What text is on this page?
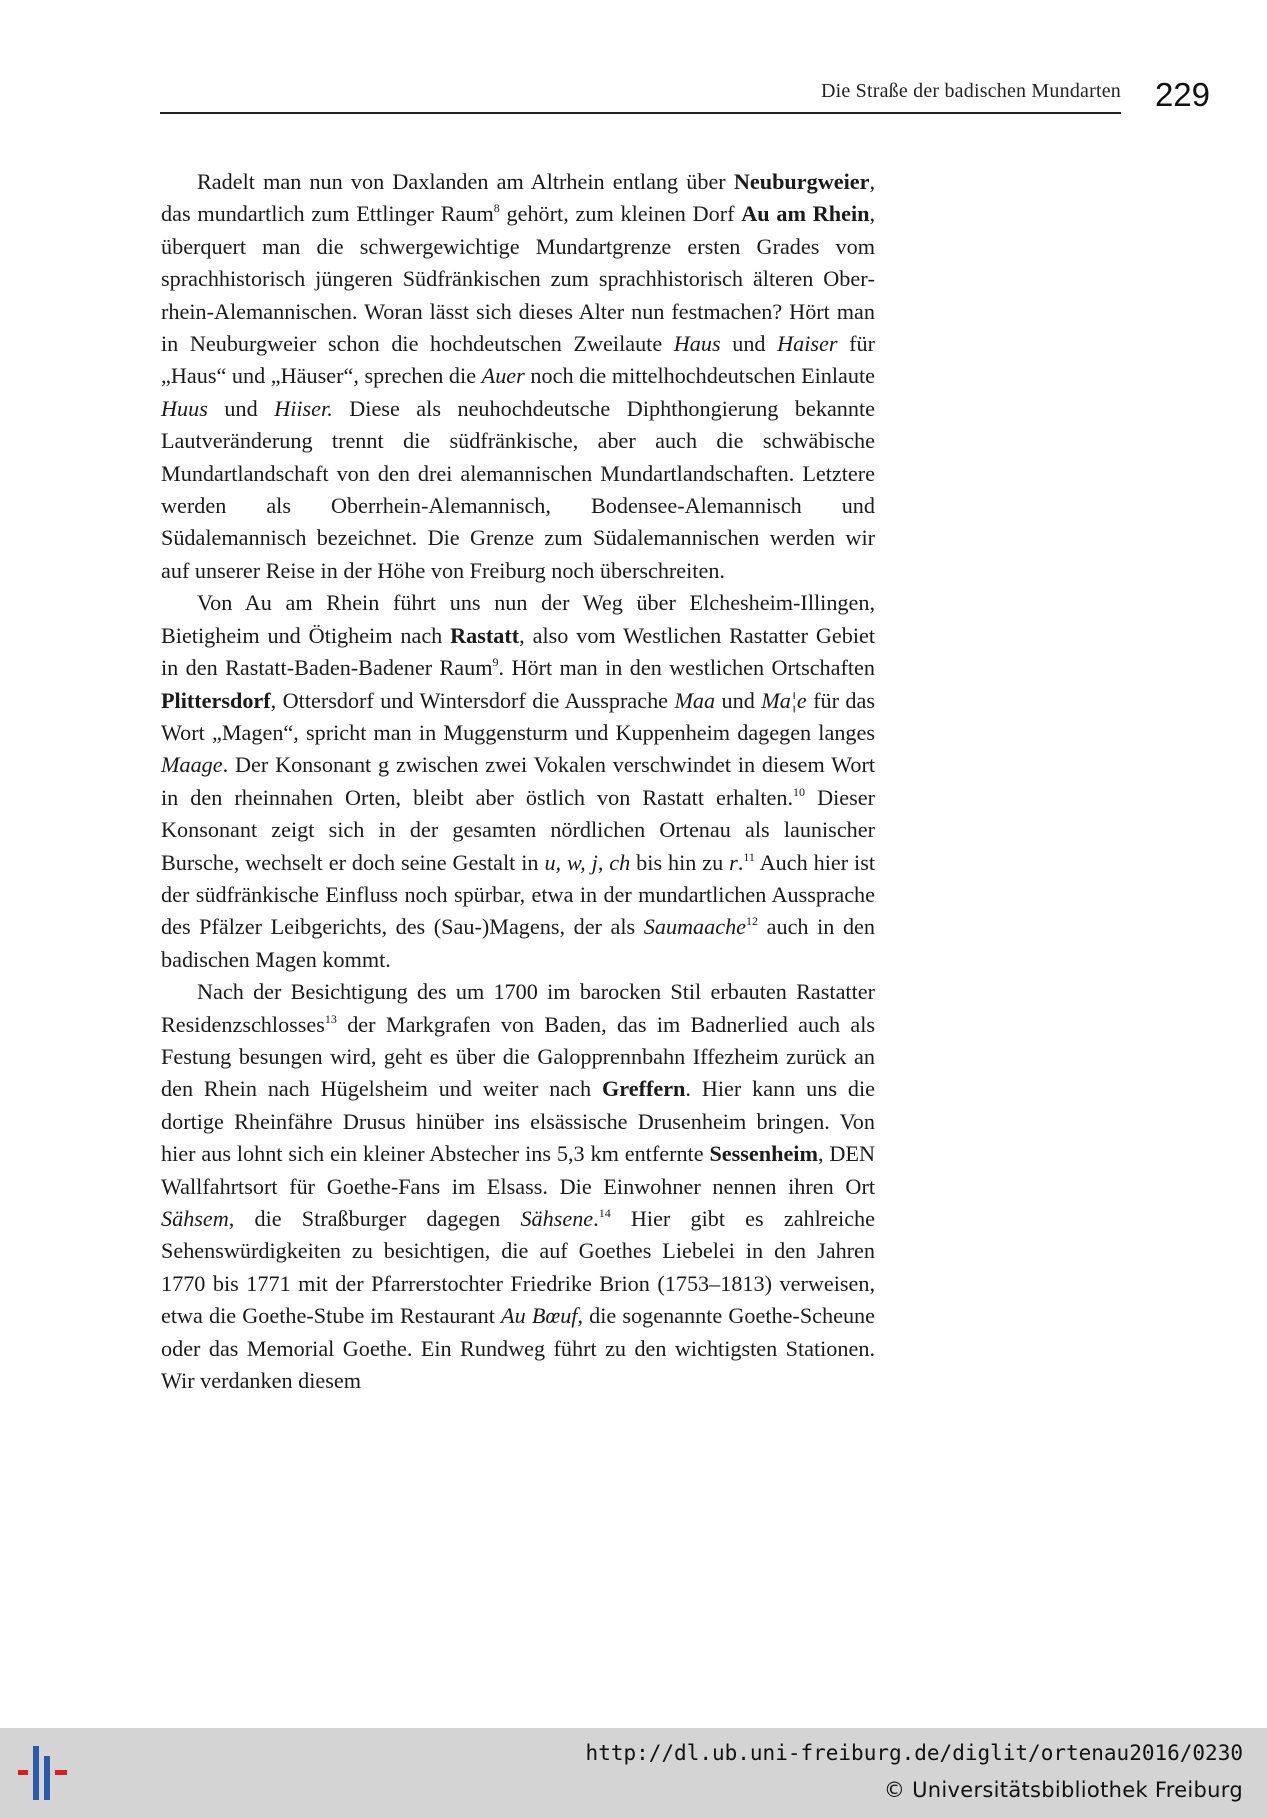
Die Straße der badischen Mundarten 229

Radelt man nun von Daxlanden am Altrhein entlang über Neuburgweier, das mundartlich zum Ettlinger Raum$^8$ gehört, zum kleinen Dorf Au am Rhein, überquert man die schwergewichtige Mundartgrenze ersten Grades vom sprachhistorisch jüngeren Südfränkischen zum sprachhistorisch älteren Oberrhein-Alemannischen. Woran lässt sich dieses Alter nun festmachen? Hört man in Neuburgweier schon die hochdeutschen Zweilaute Haus und Haiser für „Haus“ und „Häuser“, sprechen die Auer noch die mittelhochdeutschen Einlaute Huus und Hiiser. Diese als neuhochdeutsche Diphthongierung bekannte Lautveränderung trennt die südfränkische, aber auch die schwäbische Mundartlandschaft von den drei alemannischen Mundartlandschaften. Letztere werden als Oberrhein-Alemannisch, Bodensee-Alemannisch und Südalemannisch bezeichnet. Die Grenze zum Südalemannischen werden wir auf unserer Reise in der Höhe von Freiburg noch überschreiten.

Von Au am Rhein führt uns nun der Weg über Elchesheim-Illingen, Bietigheim und Ötigheim nach Rastatt, also vom Westlichen Rastatter Gebiet in den Rastatt-Baden-Badener Raum$^9$. Hört man in den westlichen Ortschaften Plittersdorf, Ottersdorf und Wintersdorf die Aussprache Maa und Ma¦e für das Wort „Magen“, spricht man in Muggensturm und Kuppenheim dagegen langes Maage. Der Konsonant g zwischen zwei Vokalen verschwindet in diesem Wort in den rheinnahen Orten, bleibt aber östlich von Rastatt erhalten.$^{10}$ Dieser Konsonant zeigt sich in der gesamten nördlichen Ortenau als launischer Bursche, wechselt er doch seine Gestalt in u, w, j, ch bis hin zu r.$^{11}$ Auch hier ist der südfränkische Einfluss noch spürbar, etwa in der mundartlichen Aussprache des Pfälzer Leibgerichts, des (Sau-)Magens, der als Saumaache$^{12}$ auch in den badischen Magen kommt.

Nach der Besichtigung des um 1700 im barocken Stil erbauten Rastatter Residenzschlosses$^{13}$ der Markgrafen von Baden, das im Badnerlied auch als Festung besungen wird, geht es über die Galopprennbahn Iffezheim zurück an den Rhein nach Hügelsheim und weiter nach Greffern. Hier kann uns die dortige Rheinfähre Drusus hinüber ins elsässische Drusenheim bringen. Von hier aus lohnt sich ein kleiner Abstecher ins 5,3 km entfernte Sessenheim, DEN Wallfahrtsort für Goethe-Fans im Elsass. Die Einwohner nennen ihren Ort Sähsem, die Straßburger dagegen Sähsene.$^{14}$ Hier gibt es zahlreiche Sehenswürdigkeiten zu besichtigen, die auf Goethes Liebelei in den Jahren 1770 bis 1771 mit der Pfarrerstochter Friedrike Brion (1753–1813) verweisen, etwa die Goethe-Stube im Restaurant Au Bœuf, die sogenannte Goethe-Scheune oder das Memorial Goethe. Ein Rundweg führt zu den wichtigsten Stationen. Wir verdanken diesem

http://dl.ub.uni-freiburg.de/diglit/ortenau2016/0230
© Universitätsbibliothek Freiburg
